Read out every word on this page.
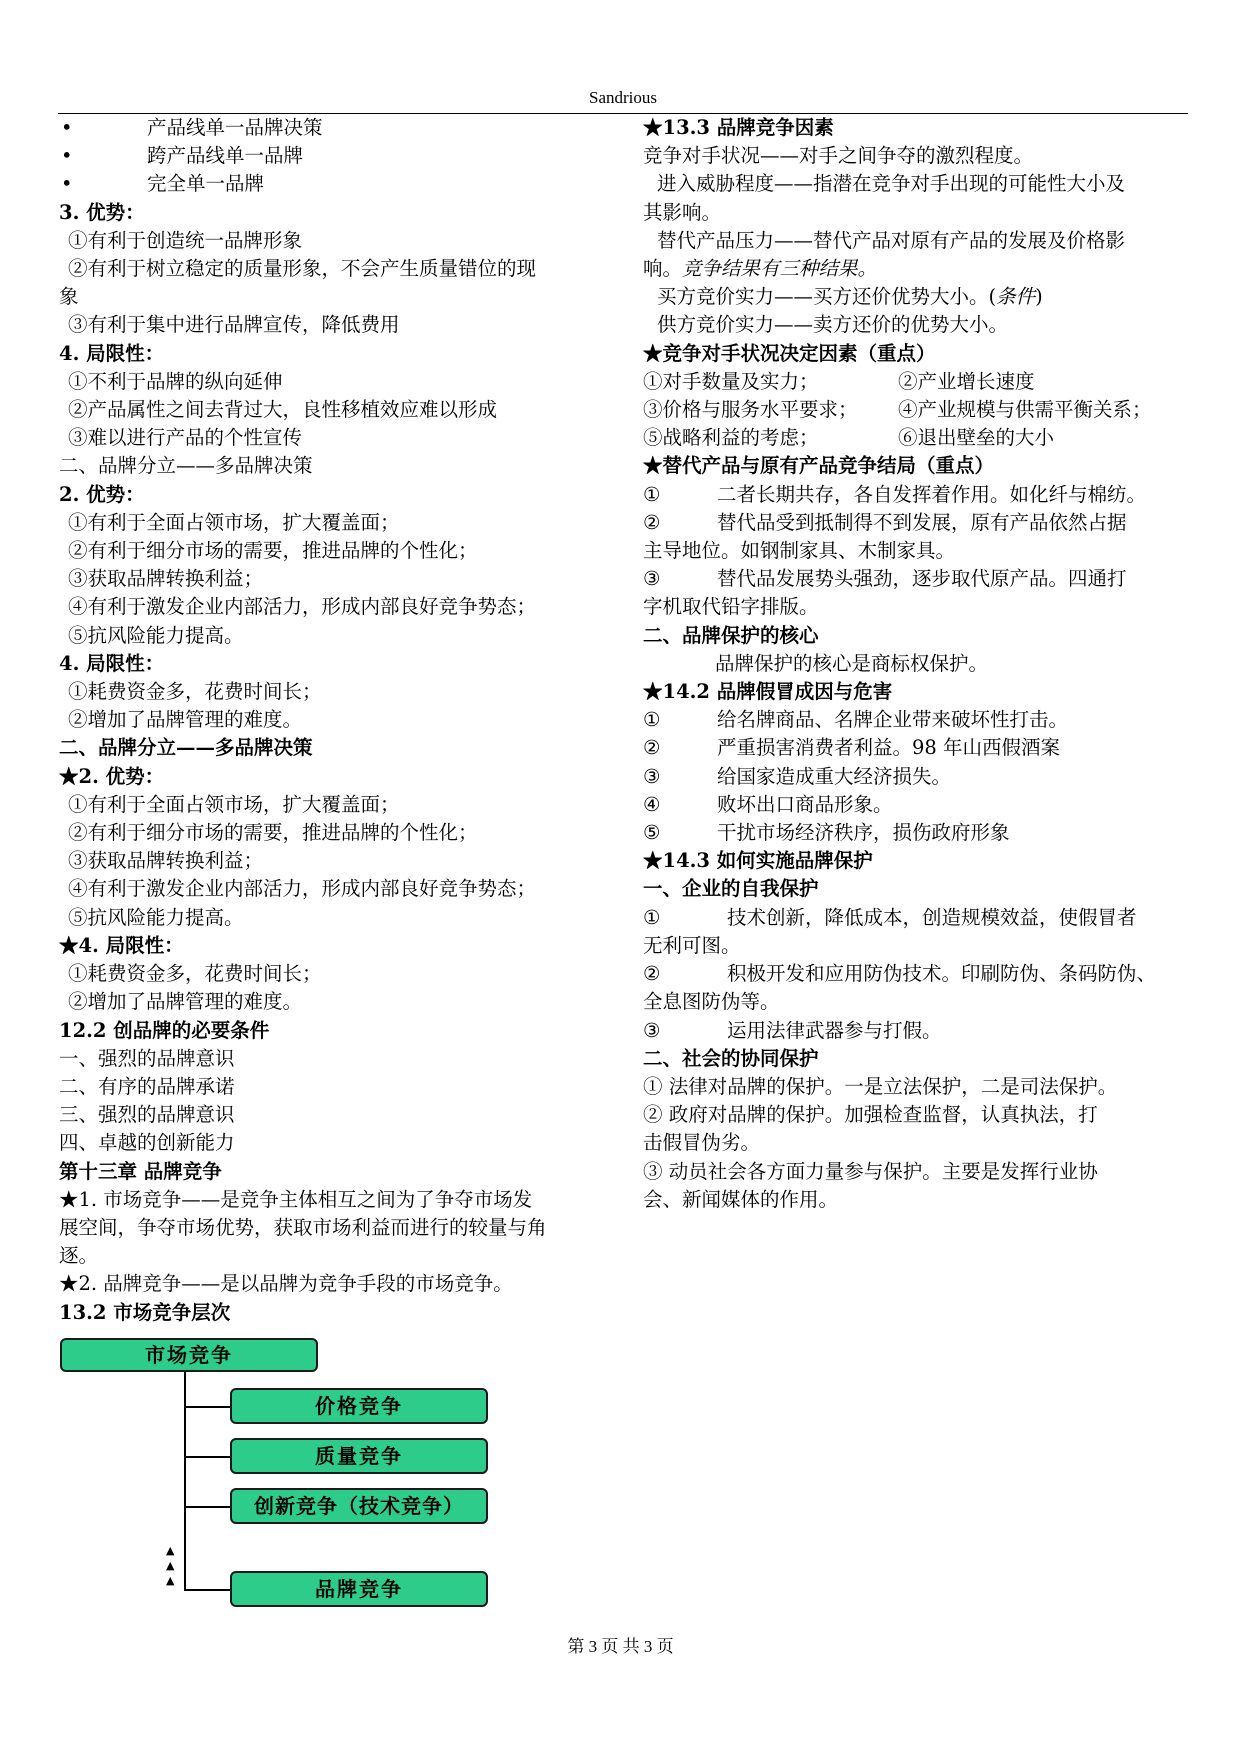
Sandrious
•	产品线单一品牌决策
•	跨产品线单一品牌
•	完全单一品牌
3. 优势：
①有利于创造统一品牌形象
②有利于树立稳定的质量形象，不会产生质量错位的现
象
③有利于集中进行品牌宣传，降低费用
4. 局限性：
①不利于品牌的纵向延伸
②产品属性之间去背过大，良性移植效应难以形成
③难以进行产品的个性宣传
二、品牌分立——多品牌决策
2. 优势：
①有利于全面占领市场，扩大覆盖面；
②有利于细分市场的需要，推进品牌的个性化；
③获取品牌转换利益；
④有利于激发企业内部活力，形成内部良好竞争势态；
⑤抗风险能力提高。
4. 局限性：
①耗费资金多，花费时间长；
②增加了品牌管理的难度。
二、品牌分立——多品牌决策
★2. 优势：
①有利于全面占领市场，扩大覆盖面；
②有利于细分市场的需要，推进品牌的个性化；
③获取品牌转换利益；
④有利于激发企业内部活力，形成内部良好竞争势态；
⑤抗风险能力提高。
★4. 局限性：
①耗费资金多，花费时间长；
②增加了品牌管理的难度。
12.2 创品牌的必要条件
一、强烈的品牌意识
二、有序的品牌承诺
三、强烈的品牌意识
四、卓越的创新能力
第十三章 品牌竞争
★1. 市场竞争——是竞争主体相互之间为了争夺市场发
展空间，争夺市场优势，获取市场利益而进行的较量与角
逐。
★2. 品牌竞争——是以品牌为竞争手段的市场竞争。
13.2 市场竞争层次
★13.3 品牌竞争因素
竞争对手状况——对手之间争夺的激烈程度。
进入威胁程度——指潜在竞争对手出现的可能性大小及
其影响。
替代产品压力——替代产品对原有产品的发展及价格影
响。竞争结果有三种结果。
买方竞价实力——买方还价优势大小。(条件)
供方竞价实力——卖方还价的优势大小。
★竞争对手状况决定因素（重点）
①对手数量及实力；	②产业增长速度
③价格与服务水平要求；	④产业规模与供需平衡关系；
⑤战略利益的考虑；	⑥退出壁垒的大小
★替代产品与原有产品竞争结局（重点）
①	二者长期共存，各自发挥着作用。如化纤与棉纺。
②	替代品受到抵制得不到发展，原有产品依然占据
主导地位。如钢制家具、木制家具。
③	替代品发展势头强劲，逐步取代原产品。四通打
字机取代铅字排版。
二、品牌保护的核心
品牌保护的核心是商标权保护。
★14.2 品牌假冒成因与危害
①	给名牌商品、名牌企业带来破坏性打击。
②	严重损害消费者利益。98 年山西假酒案
③	给国家造成重大经济损失。
④	败坏出口商品形象。
⑤	干扰市场经济秩序，损伤政府形象
★14.3 如何实施品牌保护
一、企业的自我保护
①	技术创新，降低成本，创造规模效益，使假冒者
无利可图。
②	积极开发和应用防伪技术。印刷防伪、条码防伪、
全息图防伪等。
③	运用法律武器参与打假。
二、社会的协同保护
① 法律对品牌的保护。一是立法保护，二是司法保护。
② 政府对品牌的保护。加强检查监督，认真执法，打
击假冒伪劣。
③ 动员社会各方面力量参与保护。主要是发挥行业协
会、新闻媒体的作用。
市场竞争
价格竞争
质量竞争
创新竞争（技术竞争）
品牌竞争
▲
▲
▲
第 3 页 共 3 页
